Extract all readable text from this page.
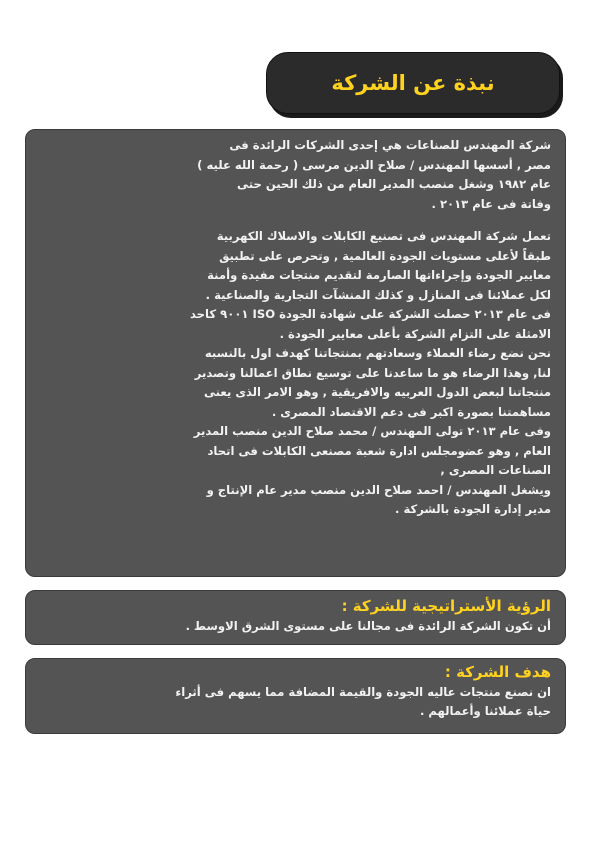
نبذة عن الشركة
شركة المهندس للصناعات هي إحدى الشركات الرائدة فى
مصر , أسسها المهندس / صلاح الدين مرسى ( رحمة الله عليه )
عام ١٩٨٢ وشغل منصب المدير العام من ذلك الحين حتى
وفاتة فى عام ٢٠١٣ .
تعمل شركة المهندس فى تصنيع الكابلات والاسلاك الكهربية
طبقاً لأعلى مستويات الجودة العالمية , وتحرص على تطبيق
معايير الجودة وإجراءاتها الصارمة لتقديم منتجات مفيدة وأمنة
لكل عملائنا فى المنازل و كذلك المنشآت التجارية والصناعية .
فى عام ٢٠١٣ حصلت الشركة على شهادة الجودة ISO ٩٠٠١ كاحد
الامثلة على التزام الشركة بأعلى معايير الجودة .
نحن نضع رضاء العملاء وسعادتهم بمنتجاتنا كهدف اول بالنسبه
لنا, وهذا الرضاء هو ما ساعدنا على توسيع نطاق اعمالنا وتصدير
منتجاتنا لبعض الدول العربيه والافريقية , وهو الامر الذى يعنى
مساهمتنا بصورة اكبر فى دعم الاقتصاد المصرى .
وفى عام ٢٠١٣ تولى المهندس / محمد صلاح الدين منصب المدير
العام , وهو عضومجلس ادارة شعبة مصنعى الكابلات فى اتحاد
الصناعات المصرى ,
ويشغل المهندس / احمد صلاح الدين منصب مدير عام الإنتاج و
مدير إدارة الجودة بالشركة .
الرؤية الأستراتيجية للشركة :
أن تكون الشركة الرائدة فى مجالنا على مستوى الشرق الاوسط .
هدف الشركة :
ان نصنع منتجات عاليه الجودة والقيمة المضافة مما يسهم فى أثراء
حياة عملائنا وأعمالهم .
